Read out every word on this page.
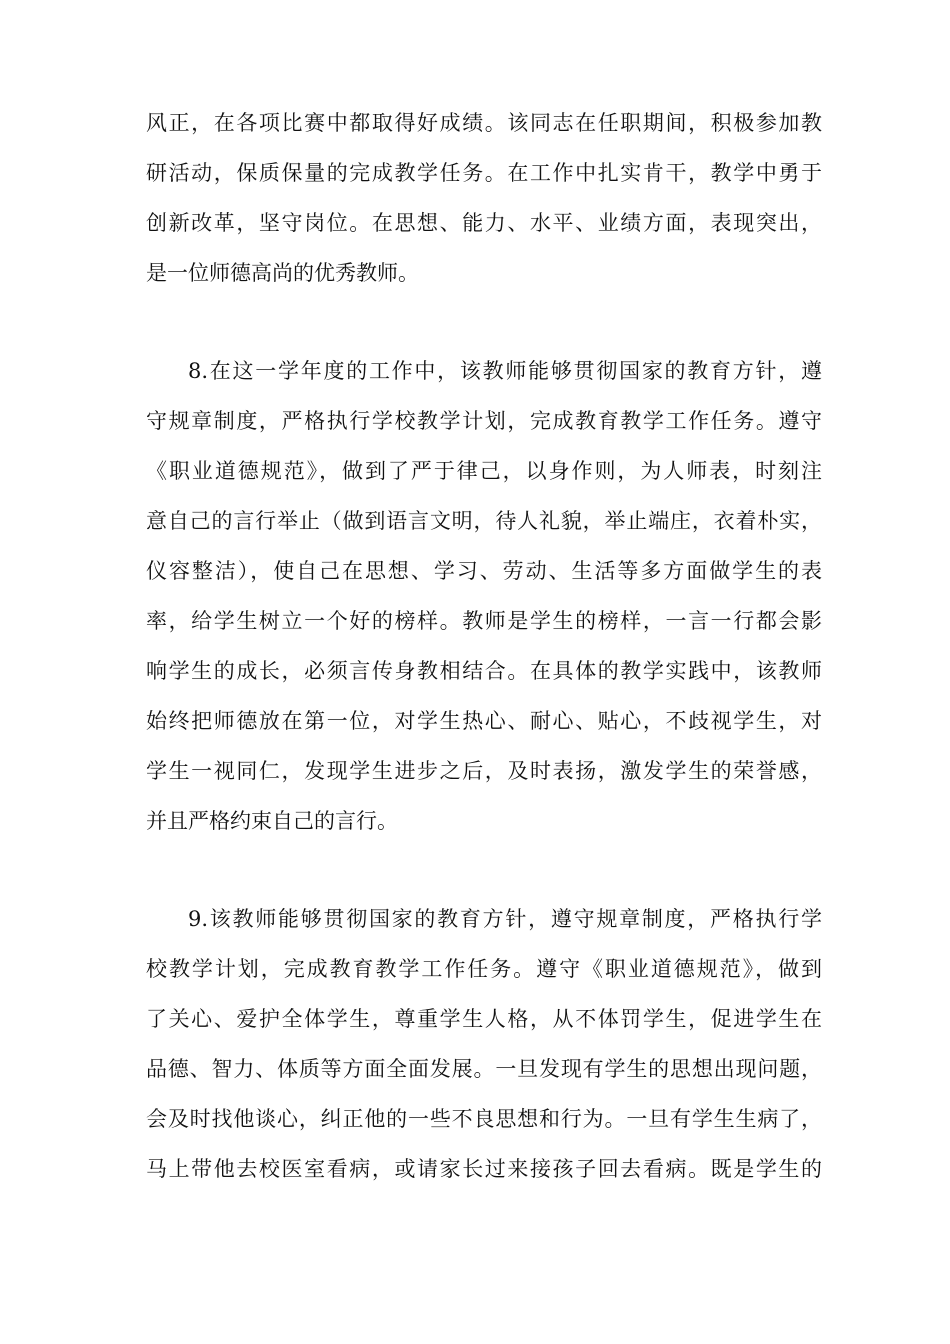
风正，在各项比赛中都取得好成绩。该同志在任职期间，积极参加教
研活动，保质保量的完成教学任务。在工作中扎实肯干，教学中勇于
创新改革，坚守岗位。在思想、能力、水平、业绩方面，表现突出，
是一位师德高尚的优秀教师。
8.在这一学年度的工作中，该教师能够贯彻国家的教育方针，遵
守规章制度，严格执行学校教学计划，完成教育教学工作任务。遵守
《职业道德规范》，做到了严于律己，以身作则，为人师表，时刻注
意自己的言行举止（做到语言文明，待人礼貌，举止端庄，衣着朴实，
仪容整洁），使自己在思想、学习、劳动、生活等多方面做学生的表
率，给学生树立一个好的榜样。教师是学生的榜样，一言一行都会影
响学生的成长，必须言传身教相结合。在具体的教学实践中，该教师
始终把师德放在第一位，对学生热心、耐心、贴心，不歧视学生，对
学生一视同仁，发现学生进步之后，及时表扬，激发学生的荣誉感，
并且严格约束自己的言行。
9.该教师能够贯彻国家的教育方针，遵守规章制度，严格执行学
校教学计划，完成教育教学工作任务。遵守《职业道德规范》，做到
了关心、爱护全体学生，尊重学生人格，从不体罚学生，促进学生在
品德、智力、体质等方面全面发展。一旦发现有学生的思想出现问题，
会及时找他谈心，纠正他的一些不良思想和行为。一旦有学生生病了，
马上带他去校医室看病，或请家长过来接孩子回去看病。既是学生的
